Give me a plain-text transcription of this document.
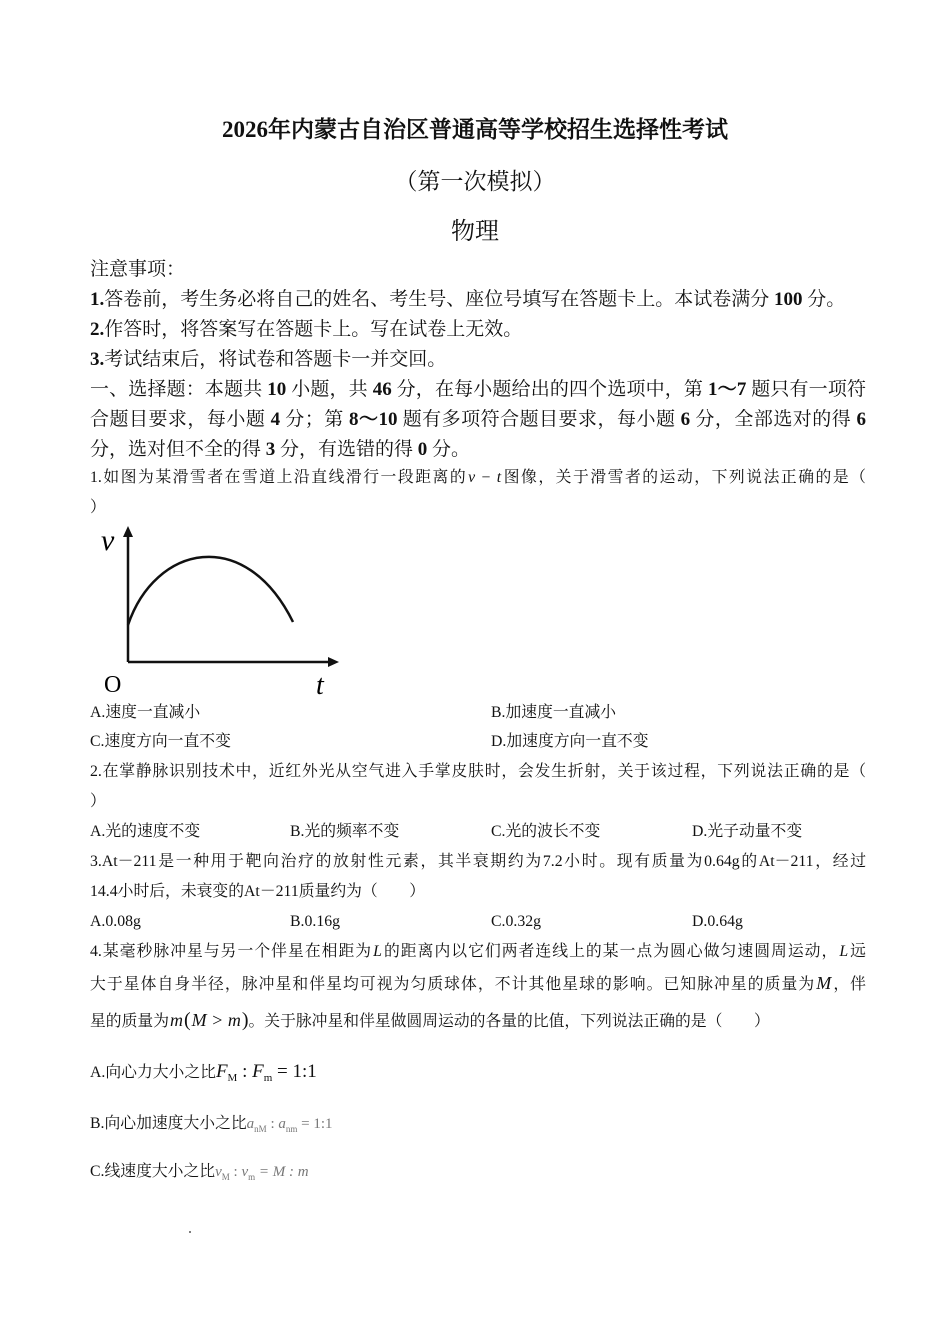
2026年内蒙古自治区普通高等学校招生选择性考试
（第一次模拟）
物理
注意事项：
1.答卷前，考生务必将自己的姓名、考生号、座位号填写在答题卡上。本试卷满分 100 分。
2.作答时，将答案写在答题卡上。写在试卷上无效。
3.考试结束后，将试卷和答题卡一并交回。
一、选择题：本题共 10 小题，共 46 分，在每小题给出的四个选项中，第 1～7 题只有一项符
合题目要求，每小题 4 分；第 8～10 题有多项符合题目要求，每小题 6 分，全部选对的得 6
分，选对但不全的得 3 分，有选错的得 0 分。
1.如图为某滑雪者在雪道上沿直线滑行一段距离的v − t图像，关于滑雪者的运动，下列说法正确的是（
）
v
O	t
A.速度一直减小	B.加速度一直减小
C.速度方向一直不变	D.加速度方向一直不变
2.在掌静脉识别技术中，近红外光从空气进入手掌皮肤时，会发生折射，关于该过程，下列说法正确的是（
）
A.光的速度不变	B.光的频率不变	C.光的波长不变	D.光子动量不变
3.At－211是一种用于靶向治疗的放射性元素，其半衰期约为7.2小时。现有质量为0.64g的At－211，经过
14.4小时后，未衰变的At－211质量约为（　　）
A.0.08g	B.0.16g	C.0.32g	D.0.64g
4.某毫秒脉冲星与另一个伴星在相距为L的距离内以它们两者连线上的某一点为圆心做匀速圆周运动，L远
大于星体自身半径，脉冲星和伴星均可视为匀质球体，不计其他星球的影响。已知脉冲星的质量为M，伴
星的质量为m(M > m)。关于脉冲星和伴星做圆周运动的各量的比值，下列说法正确的是（　　）
A.向心力大小之比$F_M$ : $F_m$ = 1:1
B.向心加速度大小之比$a_{nM}$ : $a_{nm}$ = 1:1
C.线速度大小之比$v_M$ : $v_m = M$ : m
